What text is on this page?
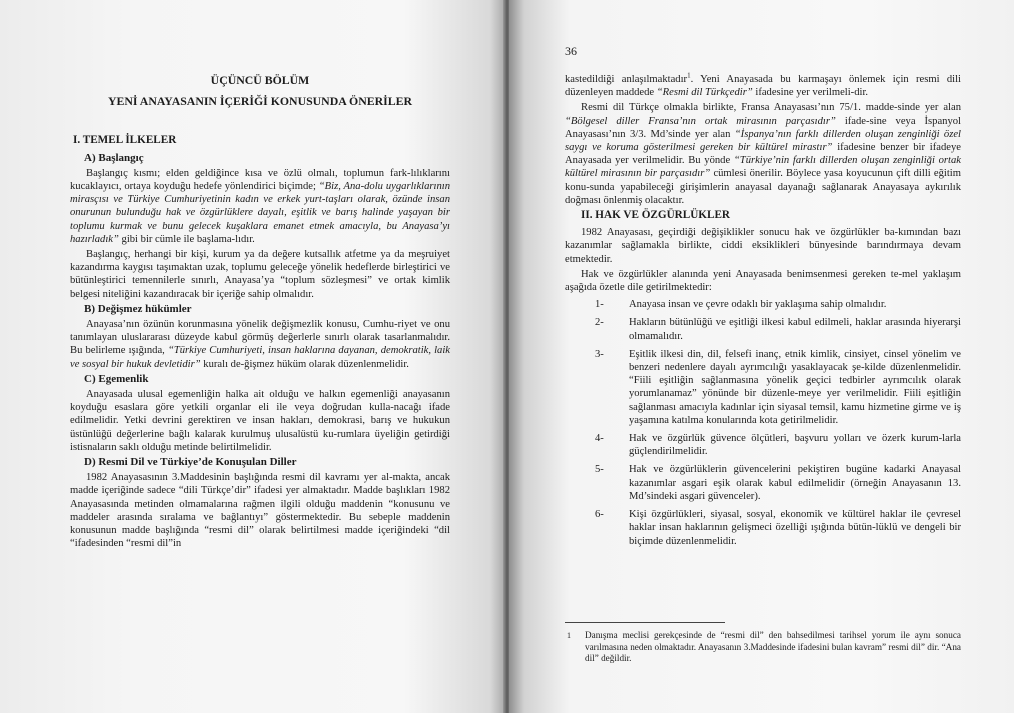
ÜÇÜNCÜ BÖLÜM
YENİ ANAYASANIN İÇERİĞİ KONUSUNDA ÖNERİLER
I. TEMEL İLKELER
A) Başlangıç

Başlangıç kısmı; elden geldiğince kısa ve özlü olmalı, toplumun fark-lılıklarını kucaklayıcı, ortaya koyduğu hedefe yönlendirici biçimde; “Biz, Ana-dolu uygarlıklarının mirasçısı ve Türkiye Cumhuriyetinin kadın ve erkek yurt-taşları olarak, özünde insan onurunun bulunduğu hak ve özgürlüklere dayalı, eşitlik ve barış halinde yaşayan bir toplumu kurmak ve bunu gelecek kuşaklara emanet etmek amacıyla, bu Anayasa’yı hazırladık” gibi bir cümle ile başlama-lıdır.

Başlangıç, herhangi bir kişi, kurum ya da değere kutsallık atfetme ya da meşruiyet kazandırma kaygısı taşımaktan uzak, toplumu geleceğe yönelik hedeflerde birleştirici ve bütünleştirici temennilerle sınırlı, Anayasa’ya “toplum sözleşmesi” ve ortak kimlik belgesi niteliğini kazandıracak bir içeriğe sahip olmalıdır.

B) Değişmez hükümler

Anayasa’nın özünün korunmasına yönelik değişmezlik konusu, Cumhu-riyet ve onu tanımlayan uluslararası düzeyde kabul görmüş değerlerle sınırlı olarak tasarlanmalıdır. Bu belirleme ışığında, “Türkiye Cumhuriyeti, insan haklarına dayanan, demokratik, laik ve sosyal bir hukuk devletidir” kuralı de-ğişmez hüküm olarak düzenlenmelidir.

C) Egemenlik

Anayasada ulusal egemenliğin halka ait olduğu ve halkın egemenliği anayasanın koyduğu esaslara göre yetkili organlar eli ile veya doğrudan kulla-nacağı ifade edilmelidir. Yetki devrini gerektiren ve insan hakları, demokrasi, barış ve hukukun üstünlüğü değerlerine bağlı kalarak kurulmuş ulusalüstü ku-rumlara üyeliğin getirdiği istisnaların saklı olduğu metinde belirtilmelidir.

D) Resmi Dil ve Türkiye’de Konuşulan Diller

1982 Anayasasının 3.Maddesinin başlığında resmi dil kavramı yer al-makta, ancak madde içeriğinde sadece “dili Türkçe’dir” ifadesi yer almaktadır. Madde başlıkları 1982 Anayasasında metinden olmamalarına rağmen ilgili olduğu maddenin “konusunu ve maddeler arasında sıralama ve bağlantıyı” göstermektedir. Bu sebeple maddenin konusunun madde başlığında “resmi dil” olarak belirtilmesi madde içeriğindeki “dil “ifadesinden “resmi dil”in

36

kastedildiği anlaşılmaktadır$^1$. Yeni Anayasada bu karmaşayı önlemek için resmi dili düzenleyen maddede “Resmi dil Türkçedir” ifadesine yer verilmeli-dir.

Resmi dil Türkçe olmakla birlikte, Fransa Anayasası’nın 75/1. madde-sinde yer alan “Bölgesel diller Fransa’nın ortak mirasının parçasıdır” ifade-sine veya İspanyol Anayasası’nın 3/3. Md’sinde yer alan “İspanya’nın farklı dillerden oluşan zenginliği özel saygı ve koruma gösterilmesi gereken bir kültürel mirastır” ifadesine benzer bir ifadeye Anayasada yer verilmelidir. Bu yönde “Türkiye’nin farklı dillerden oluşan zenginliği ortak kültürel mirasının bir parçasıdır” cümlesi önerilir. Böylece yasa koyucunun çift dilli eğitim konu-sunda yapabileceği girişimlerin anayasal dayanağı sağlanarak Anayasaya aykırılık doğması önlenmiş olacaktır.

II. HAK VE ÖZGÜRLÜKLER

1982 Anayasası, geçirdiği değişiklikler sonucu hak ve özgürlükler ba-kımından bazı kazanımlar sağlamakla birlikte, ciddi eksiklikleri bünyesinde barındırmaya devam etmektedir.

Hak ve özgürlükler alanında yeni Anayasada benimsenmesi gereken te-mel yaklaşım aşağıda özetle dile getirilmektedir:

1-	Anayasa insan ve çevre odaklı bir yaklaşıma sahip olmalıdır.
2-	Hakların bütünlüğü ve eşitliği ilkesi kabul edilmeli, haklar arasında hiyerarşi olmamalıdır.
3-	Eşitlik ilkesi din, dil, felsefi inanç, etnik kimlik, cinsiyet, cinsel yönelim ve benzeri nedenlere dayalı ayrımcılığı yasaklayacak şe-kilde düzenlenmelidir. “Fiili eşitliğin sağlanmasına yönelik geçici tedbirler ayrımcılık olarak yorumlanamaz” yönünde bir düzenle-meye yer verilmelidir. Fiili eşitliğin sağlanması amacıyla kadınlar için siyasal temsil, kamu hizmetine girme ve iş yaşamına katılma konularında kota getirilmelidir.
4-	Hak ve özgürlük güvence ölçütleri, başvuru yolları ve özerk kurum-larla güçlendirilmelidir.
5-	Hak ve özgürlüklerin güvencelerini pekiştiren bugüne kadarki Anayasal kazanımlar asgari eşik olarak kabul edilmelidir (örneğin Anayasanın 13. Md’sindeki asgari güvenceler).
6-	Kişi özgürlükleri, siyasal, sosyal, ekonomik ve kültürel haklar ile çevresel haklar insan haklarının gelişmeci özelliği ışığında bütün-lüklü ve dengeli bir biçimde düzenlenmelidir.
1	Danışma meclisi gerekçesinde de “resmi dil” den bahsedilmesi tarihsel yorum ile aynı sonuca varılmasına neden olmaktadır. Anayasanın 3.Maddesinde ifadesini bulan kavram” resmi dil” dir. “Ana dil” değildir.
